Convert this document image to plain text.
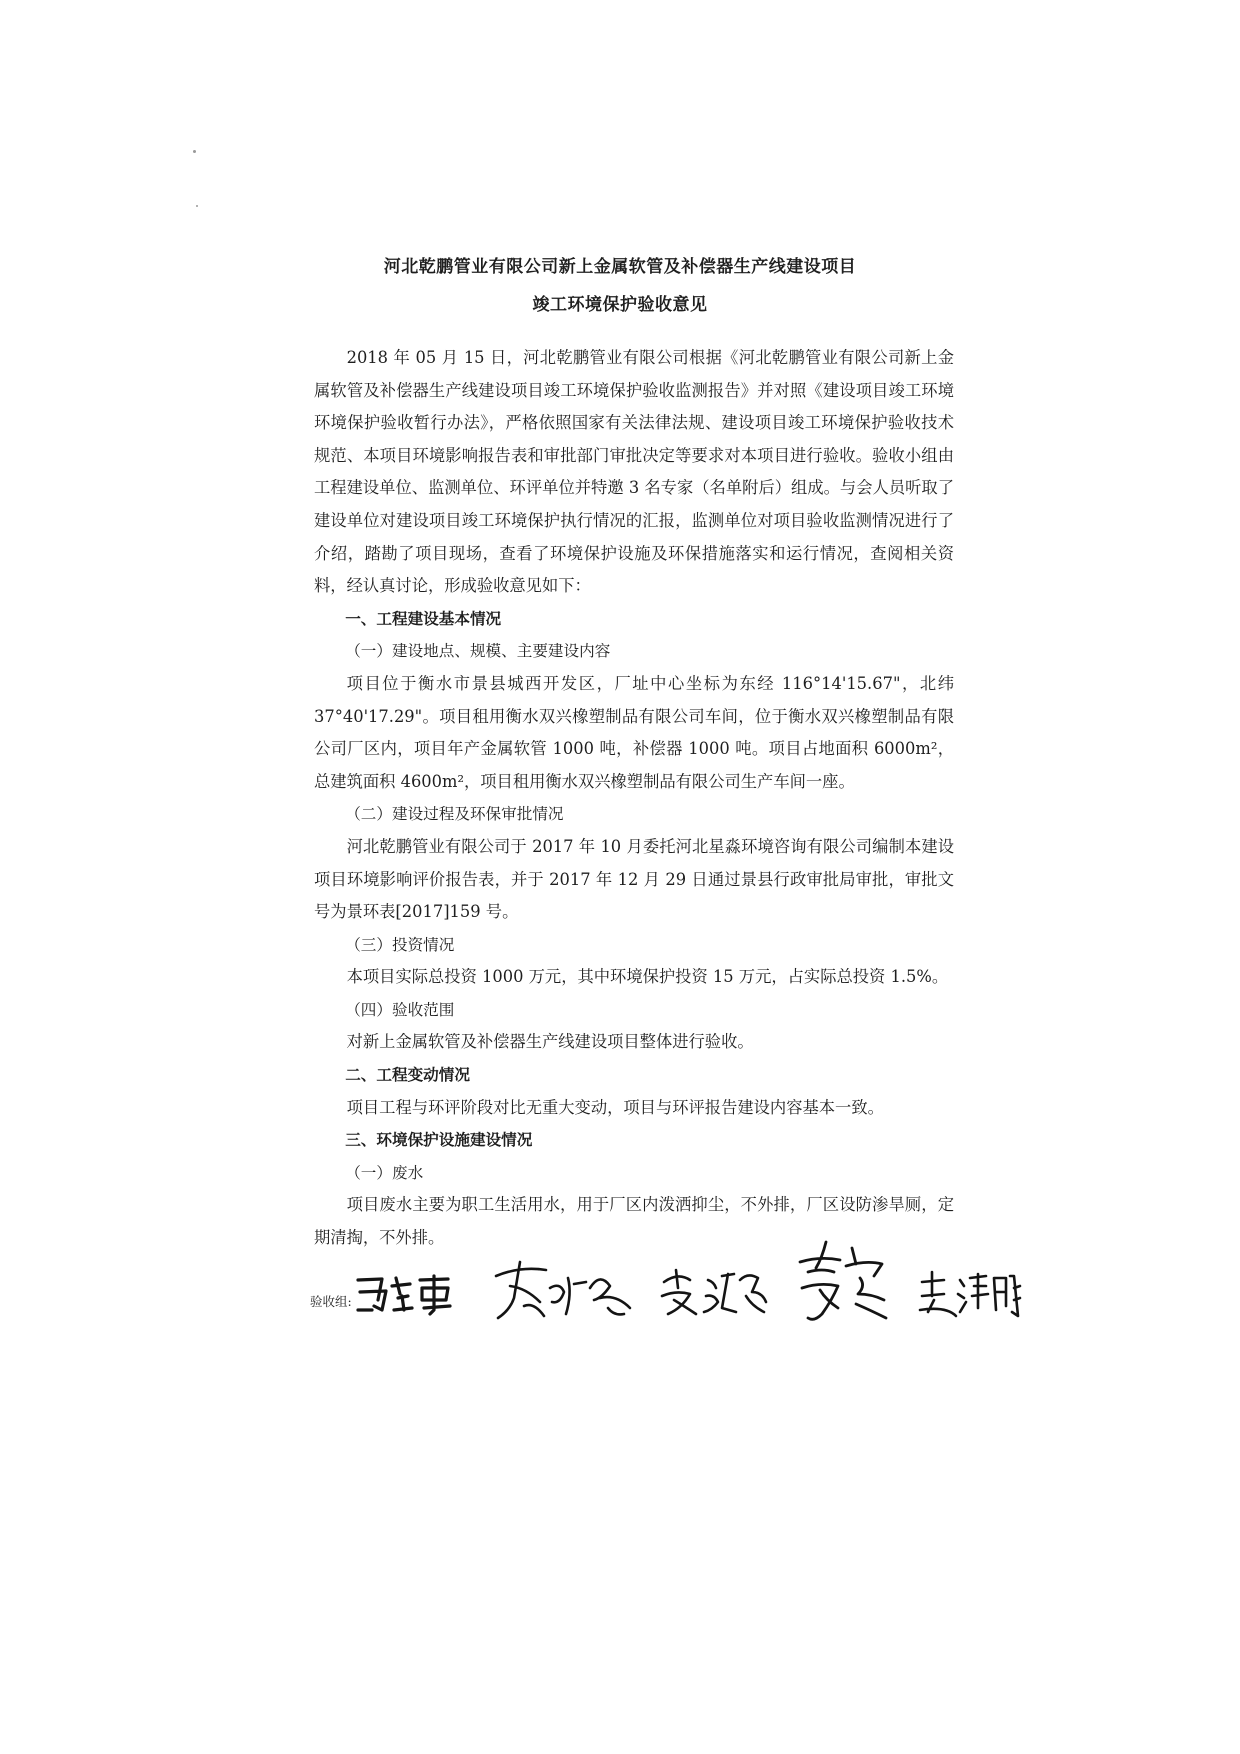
河北乾鹏管业有限公司新上金属软管及补偿器生产线建设项目
竣工环境保护验收意见

2018 年 05 月 15 日，河北乾鹏管业有限公司根据《河北乾鹏管业有限公司新上金属软管及补偿器生产线建设项目竣工环境保护验收监测报告》并对照《建设项目竣工环境环境保护验收暂行办法》，严格依照国家有关法律法规、建设项目竣工环境保护验收技术规范、本项目环境影响报告表和审批部门审批决定等要求对本项目进行验收。验收小组由工程建设单位、监测单位、环评单位并特邀 3 名专家（名单附后）组成。与会人员听取了建设单位对建设项目竣工环境保护执行情况的汇报，监测单位对项目验收监测情况进行了介绍，踏勘了项目现场，查看了环境保护设施及环保措施落实和运行情况，查阅相关资料，经认真讨论，形成验收意见如下：

一、工程建设基本情况

（一）建设地点、规模、主要建设内容

项目位于衡水市景县城西开发区，厂址中心坐标为东经 116°14'15.67"，北纬 37°40'17.29"。项目租用衡水双兴橡塑制品有限公司车间，位于衡水双兴橡塑制品有限公司厂区内，项目年产金属软管 1000 吨，补偿器 1000 吨。项目占地面积 6000m²，总建筑面积 4600m²，项目租用衡水双兴橡塑制品有限公司生产车间一座。

（二）建设过程及环保审批情况

河北乾鹏管业有限公司于 2017 年 10 月委托河北星淼环境咨询有限公司编制本建设项目环境影响评价报告表，并于 2017 年 12 月 29 日通过景县行政审批局审批，审批文号为景环表[2017]159 号。

（三）投资情况

本项目实际总投资 1000 万元，其中环境保护投资 15 万元，占实际总投资 1.5%。

（四）验收范围

对新上金属软管及补偿器生产线建设项目整体进行验收。

二、工程变动情况

项目工程与环评阶段对比无重大变动，项目与环评报告建设内容基本一致。

三、环境保护设施建设情况

（一）废水

项目废水主要为职工生活用水，用于厂区内泼洒抑尘，不外排，厂区设防渗旱厕，定期清掏，不外排。

验收组:
